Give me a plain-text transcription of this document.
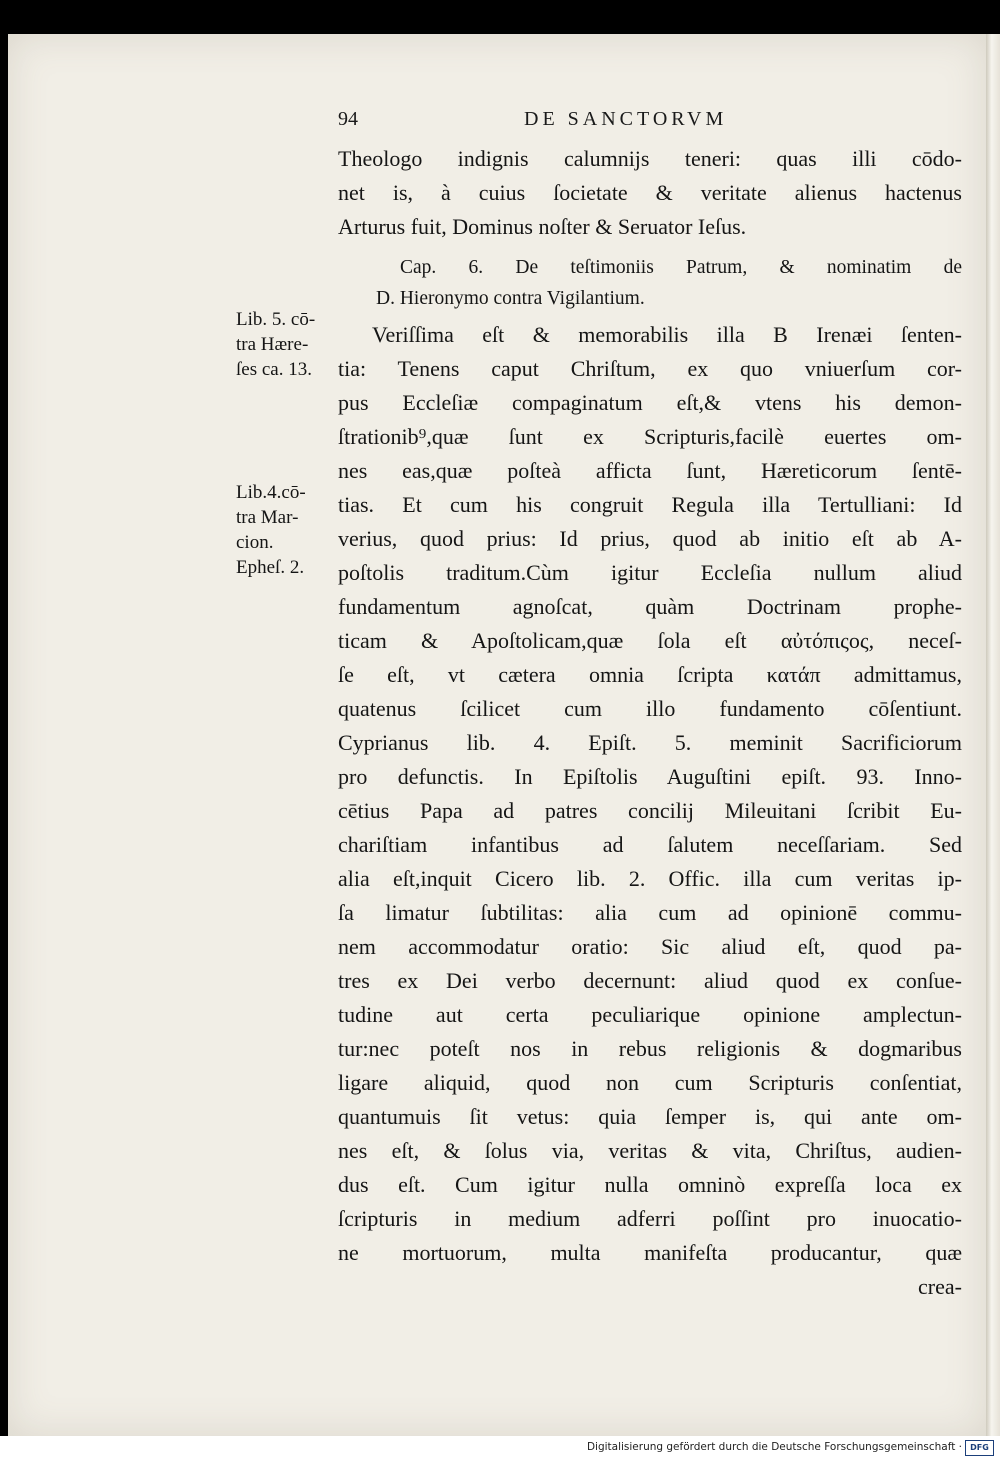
94	DE SANCTORVM
Theologo indignis calumnijs teneri: quas illi cōdo-
net is, à cuius ſocietate & veritate alienus hactenus
Arturus fuit, Dominus noſter & Seruator Ieſus.
Cap. 6. De teſtimoniis Patrum, & nominatim de
D. Hieronymo contra Vigilantium.
Veriſſima eſt & memorabilis illa B Irenæi ſenten-
tia: Tenens caput Chriſtum, ex quo vniuerſum cor-
pus Eccleſiæ compaginatum eſt,& vtens his demon-
ſtrationib⁹,quæ ſunt ex Scripturis,facilè euertes om-
nes eas,quæ poſteà afficta ſunt, Hæreticorum ſentē-
tias. Et cum his congruit Regula illa Tertulliani: Id
verius, quod prius: Id prius, quod ab initio eſt ab A-
poſtolis traditum.Cùm igitur Eccleſia nullum aliud
fundamentum agnoſcat, quàm Doctrinam prophe-
ticam & Apoſtolicam,quæ ſola eſt αὐτόπιςος, neceſ-
ſe eſt, vt cætera omnia ſcripta κατάπ admittamus,
quatenus ſcilicet cum illo fundamento cōſentiunt.
Cyprianus lib. 4. Epiſt. 5. meminit Sacrificiorum
pro defunctis. In Epiſtolis Auguſtini epiſt. 93. Inno-
cētius Papa ad patres concilij Mileuitani ſcribit Eu-
chariſtiam infantibus ad ſalutem neceſſariam. Sed
alia eſt,inquit Cicero lib. 2. Offic. illa cum veritas ip-
ſa limatur ſubtilitas: alia cum ad opinionē commu-
nem accommodatur oratio: Sic aliud eſt, quod pa-
tres ex Dei verbo decernunt: aliud quod ex conſue-
tudine aut certa peculiarique opinione amplectun-
tur:nec poteſt nos in rebus religionis & dogmaribus
ligare aliquid, quod non cum Scripturis conſentiat,
quantumuis ſit vetus: quia ſemper is, qui ante om-
nes eſt, & ſolus via, veritas & vita, Chriſtus, audien-
dus eſt. Cum igitur nulla omninò expreſſa loca ex
ſcripturis in medium adferri poſſint pro inuocatio-
ne mortuorum, multa manifeſta producantur, quæ
crea-
Lib. 5. cō-
tra Hære-
ſes ca. 13.
Lib.4.cō-
tra Mar-
cion.
Epheſ. 2.
Digitalisierung gefördert durch die Deutsche Forschungsgemeinschaft ·	DFG
